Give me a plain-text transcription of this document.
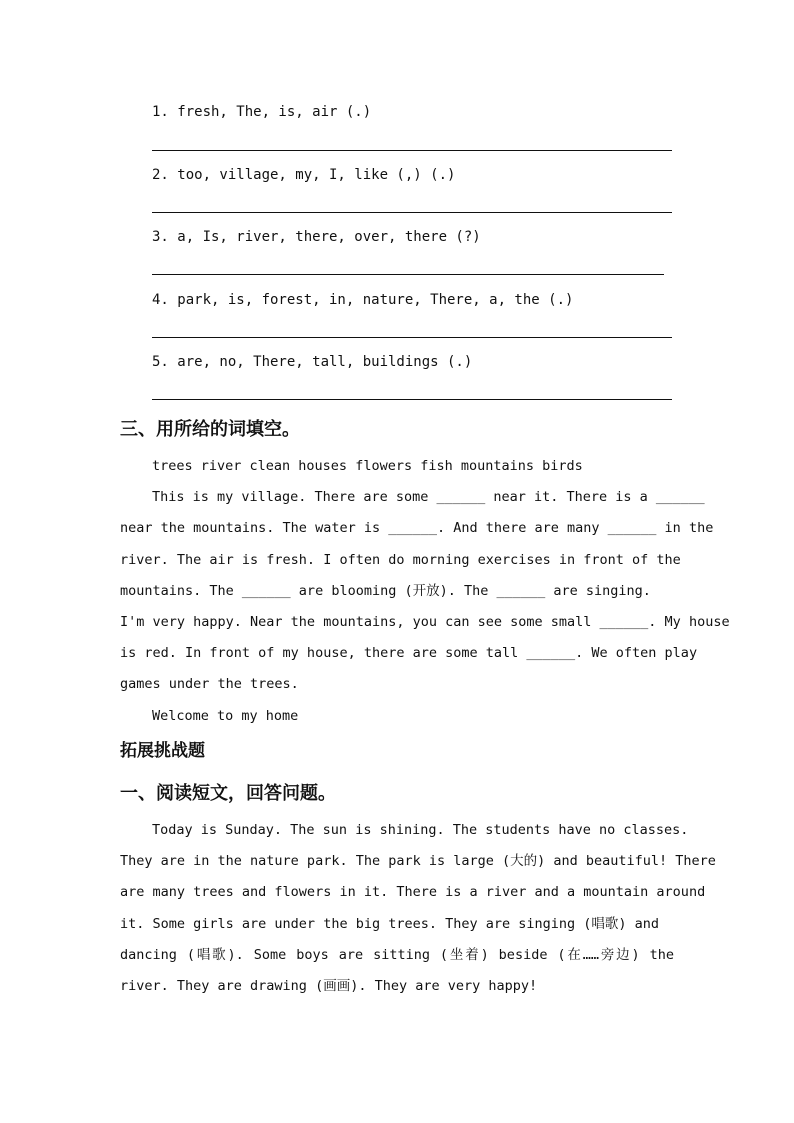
1. fresh, The, is, air (.)
2. too, village, my, I, like (,) (.)
3. a, Is, river, there, over, there (?)
4. park, is, forest, in, nature, There, a, the (.)
5. are, no, There, tall, buildings (.)
三、用所给的词填空。
trees river clean houses flowers fish mountains birds
This is my village. There are some ______ near it. There is a ______
near the mountains. The water is ______. And there are many ______ in the
river. The air is fresh. I often do morning exercises in front of the
mountains. The ______ are blooming (开放). The ______ are singing.
I'm very happy. Near the mountains, you can see some small ______. My house
is red. In front of my house, there are some tall ______. We often play
games under the trees.
Welcome to my home
拓展挑战题
一、阅读短文，回答问题。
Today is Sunday. The sun is shining. The students have no classes.
They are in the nature park. The park is large (大的) and beautiful! There
are many trees and flowers in it. There is a river and a mountain around
it. Some girls are under the big trees. They are singing (唱歌) and
dancing (唱歌). Some boys are sitting (坐着) beside (在……旁边) the
river. They are drawing (画画). They are very happy!
